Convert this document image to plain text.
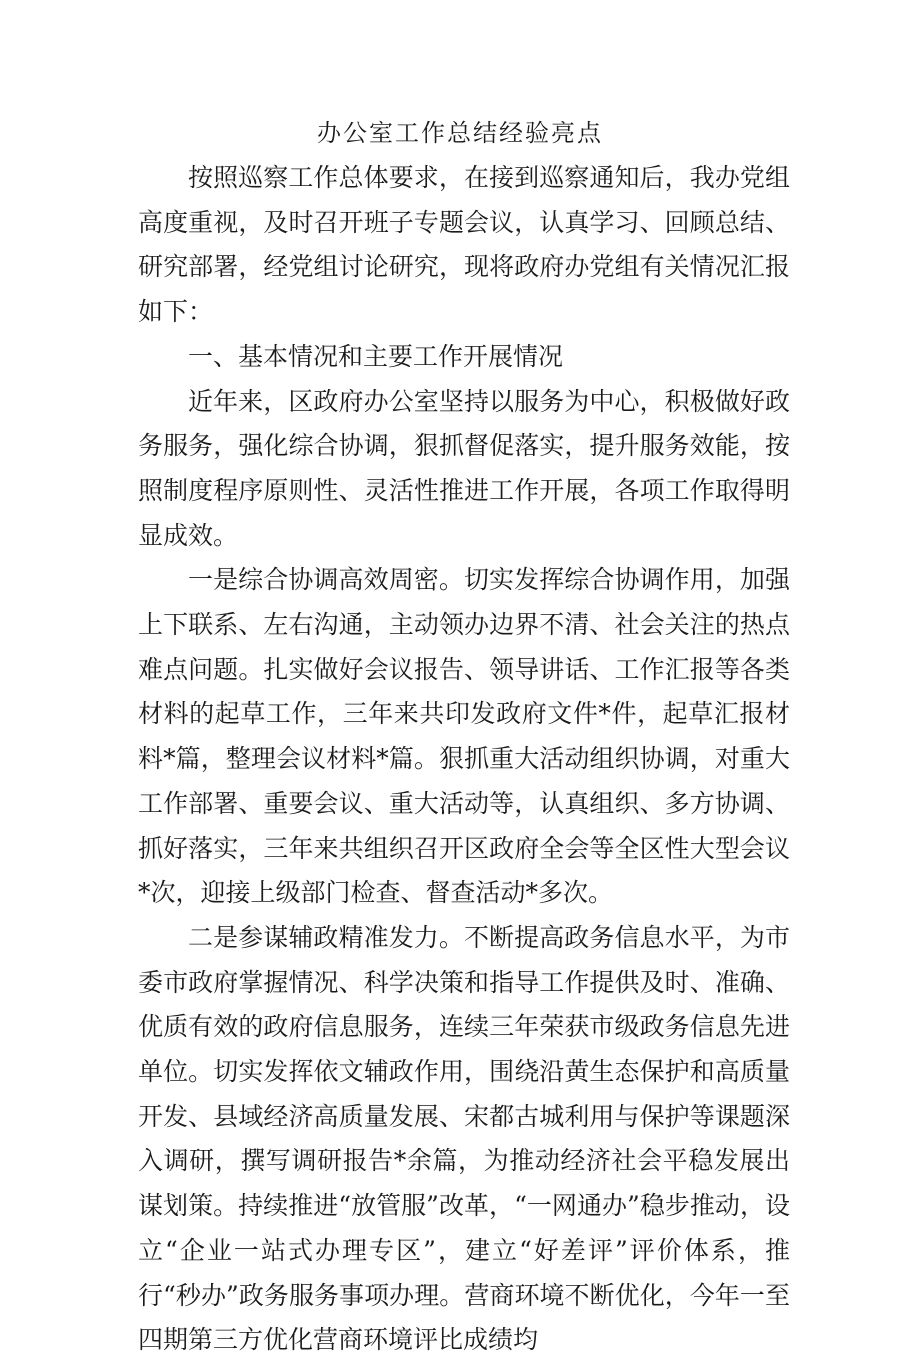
办公室工作总结经验亮点

按照巡察工作总体要求，在接到巡察通知后，我办党组高度重视，及时召开班子专题会议，认真学习、回顾总结、研究部署，经党组讨论研究，现将政府办党组有关情况汇报如下：

一、基本情况和主要工作开展情况

近年来，区政府办公室坚持以服务为中心，积极做好政务服务，强化综合协调，狠抓督促落实，提升服务效能，按照制度程序原则性、灵活性推进工作开展，各项工作取得明显成效。

一是综合协调高效周密。切实发挥综合协调作用，加强上下联系、左右沟通，主动领办边界不清、社会关注的热点难点问题。扎实做好会议报告、领导讲话、工作汇报等各类材料的起草工作，三年来共印发政府文件*件，起草汇报材料*篇，整理会议材料*篇。狠抓重大活动组织协调，对重大工作部署、重要会议、重大活动等，认真组织、多方协调、抓好落实，三年来共组织召开区政府全会等全区性大型会议*次，迎接上级部门检查、督查活动*多次。

二是参谋辅政精准发力。不断提高政务信息水平，为市委市政府掌握情况、科学决策和指导工作提供及时、准确、优质有效的政府信息服务，连续三年荣获市级政务信息先进单位。切实发挥依文辅政作用，围绕沿黄生态保护和高质量开发、县域经济高质量发展、宋都古城利用与保护等课题深入调研，撰写调研报告*余篇，为推动经济社会平稳发展出谋划策。持续推进“放管服”改革，“一网通办”稳步推动，设立“企业一站式办理专区”，建立“好差评”评价体系，推行“秒办”政务服务事项办理。营商环境不断优化，今年一至四期第三方优化营商环境评比成绩均
